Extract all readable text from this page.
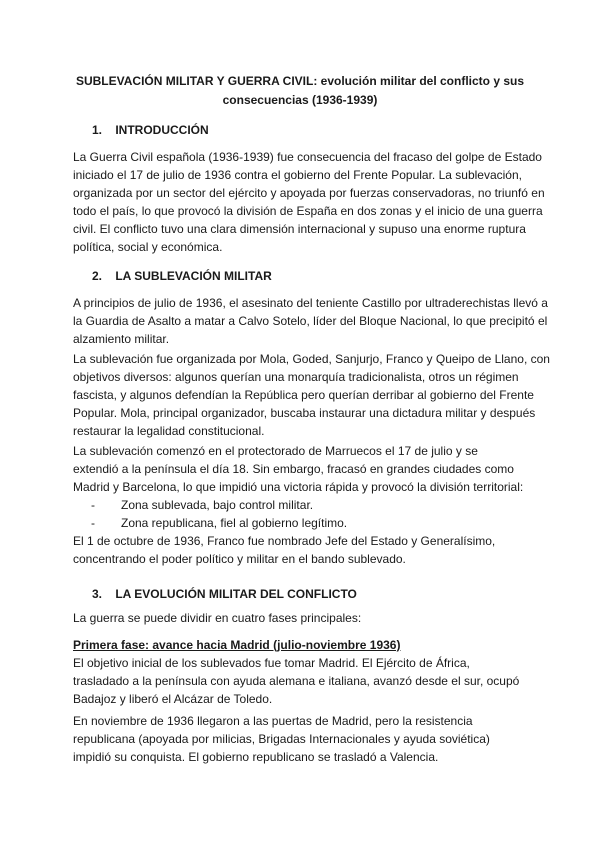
SUBLEVACIÓN MILITAR Y GUERRA CIVIL: evolución militar del conflicto y sus
consecuencias (1936-1939)
1. INTRODUCCIÓN
La Guerra Civil española (1936-1939) fue consecuencia del fracaso del golpe de Estado
iniciado el 17 de julio de 1936 contra el gobierno del Frente Popular. La sublevación,
organizada por un sector del ejército y apoyada por fuerzas conservadoras, no triunfó en
todo el país, lo que provocó la división de España en dos zonas y el inicio de una guerra
civil. El conflicto tuvo una clara dimensión internacional y supuso una enorme ruptura
política, social y económica.
2. LA SUBLEVACIÓN MILITAR
A principios de julio de 1936, el asesinato del teniente Castillo por ultraderechistas llevó a
la Guardia de Asalto a matar a Calvo Sotelo, líder del Bloque Nacional, lo que precipitó el
alzamiento militar.
La sublevación fue organizada por Mola, Goded, Sanjurjo, Franco y Queipo de Llano, con
objetivos diversos: algunos querían una monarquía tradicionalista, otros un régimen
fascista, y algunos defendían la República pero querían derribar al gobierno del Frente
Popular. Mola, principal organizador, buscaba instaurar una dictadura militar y después
restaurar la legalidad constitucional.
La sublevación comenzó en el protectorado de Marruecos el 17 de julio y se
extendió a la península el día 18. Sin embargo, fracasó en grandes ciudades como
Madrid y Barcelona, lo que impidió una victoria rápida y provocó la división territorial:
- Zona sublevada, bajo control militar.
- Zona republicana, fiel al gobierno legítimo.
El 1 de octubre de 1936, Franco fue nombrado Jefe del Estado y Generalísimo,
concentrando el poder político y militar en el bando sublevado.
3. LA EVOLUCIÓN MILITAR DEL CONFLICTO
La guerra se puede dividir en cuatro fases principales:
Primera fase: avance hacia Madrid (julio-noviembre 1936)
El objetivo inicial de los sublevados fue tomar Madrid. El Ejército de África,
trasladado a la península con ayuda alemana e italiana, avanzó desde el sur, ocupó
Badajoz y liberó el Alcázar de Toledo.
En noviembre de 1936 llegaron a las puertas de Madrid, pero la resistencia
republicana (apoyada por milicias, Brigadas Internacionales y ayuda soviética)
impidió su conquista. El gobierno republicano se trasladó a Valencia.
